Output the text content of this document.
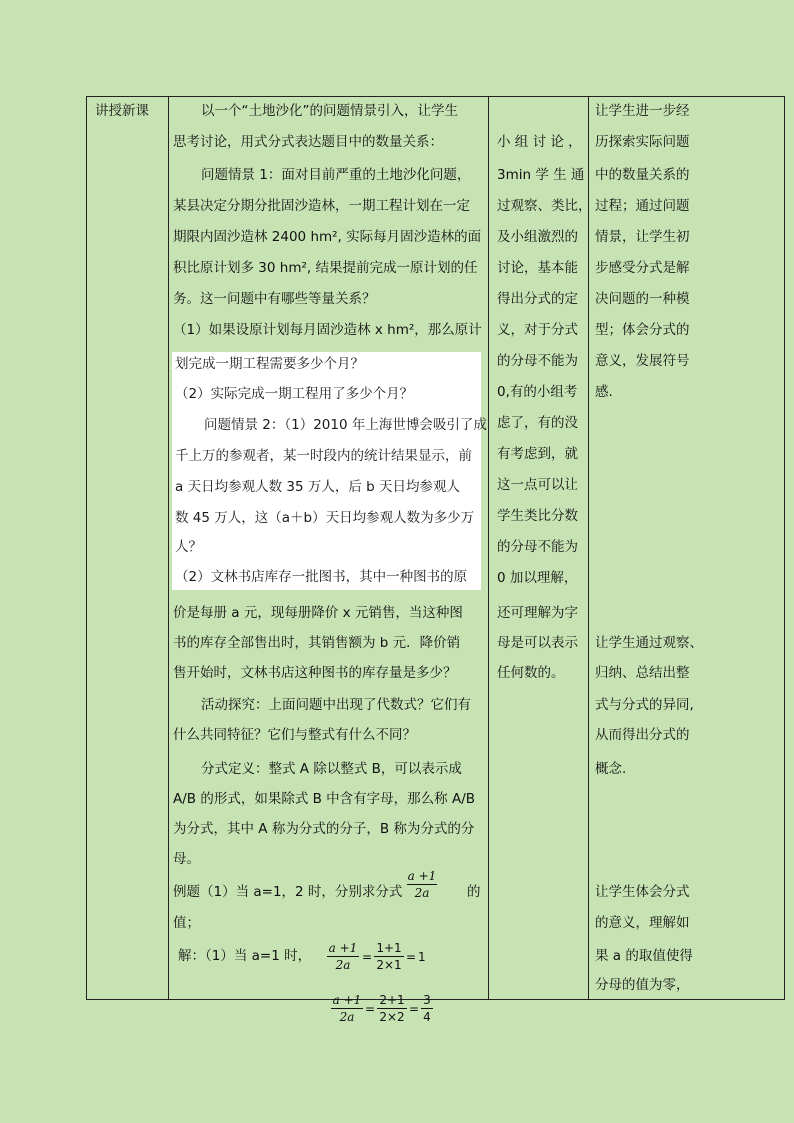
讲授新课	以一个“土地沙化”的问题情景引入，让学生
思考讨论，用式分式表达题目中的数量关系：
问题情景 1：面对目前严重的土地沙化问题，
某县决定分期分批固沙造林，一期工程计划在一定
期限内固沙造林 2400 hm², 实际每月固沙造林的面
积比原计划多 30 hm², 结果提前完成一原计划的任
务。这一问题中有哪些等量关系？
（1）如果设原计划每月固沙造林 x hm²，那么原计
划完成一期工程需要多少个月？
（2）实际完成一期工程用了多少个月？
问题情景 2：（1）2010 年上海世博会吸引了成
千上万的参观者，某一时段内的统计结果显示，前
a 天日均参观人数 35 万人，后 b 天日均参观人
数 45 万人，这（a＋b）天日均参观人数为多少万
人？
（2）文林书店库存一批图书，其中一种图书的原
价是每册 a 元，现每册降价 x 元销售，当这种图
书的库存全部售出时，其销售额为 b 元．降价销
售开始时，文林书店这种图书的库存量是多少？
活动探究：上面问题中出现了代数式？它们有
什么共同特征？它们与整式有什么不同？
分式定义：整式 A 除以整式 B，可以表示成
A/B 的形式，如果除式 B 中含有字母，那么称 A/B
为分式，其中 A 称为分式的分子，B 称为分式的分
母。
例题（1）当 a=1，2 时，分别求分式
a +1
2a	的
值；
解：（1）当 a=1 时， a +1
2a
=
1+1
2×1
= 1
a +1
2a
=
2+1
2×2
=
3
4
小 组 讨 论 ，
3min 学 生 通
过观察、类比，
及小组激烈的
讨论，基本能
得出分式的定
义，对于分式
的分母不能为
0,有的小组考
虑了，有的没
有考虑到，就
这一点可以让
学生类比分数
的分母不能为
0 加以理解，
还可理解为字
母是可以表示
任何数的。
让学生进一步经
历探索实际问题
中的数量关系的
过程；通过问题
情景，让学生初
步感受分式是解
决问题的一种模
型；体会分式的
意义，发展符号
感.
让学生通过观察、
归纳、总结出整
式与分式的异同,
从而得出分式的
概念.
让学生体会分式
的意义，理解如
果 a 的取值使得
分母的值为零，
